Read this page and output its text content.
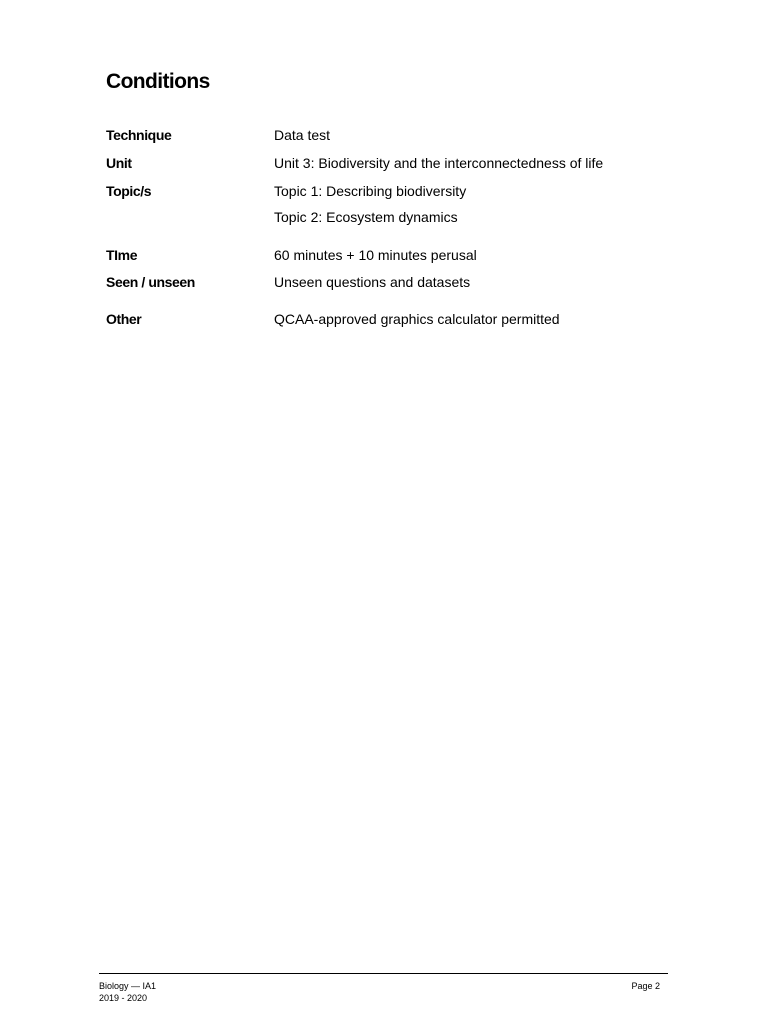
Conditions
Technique	Data test
Unit	Unit 3: Biodiversity and the interconnectedness of life
Topic/s	Topic 1: Describing biodiversity
Topic 2: Ecosystem dynamics
TIme	60 minutes + 10 minutes perusal
Seen / unseen	Unseen questions and datasets
Other	QCAA-approved graphics calculator permitted
Biology — IA1
2019 - 2020
Page 2
